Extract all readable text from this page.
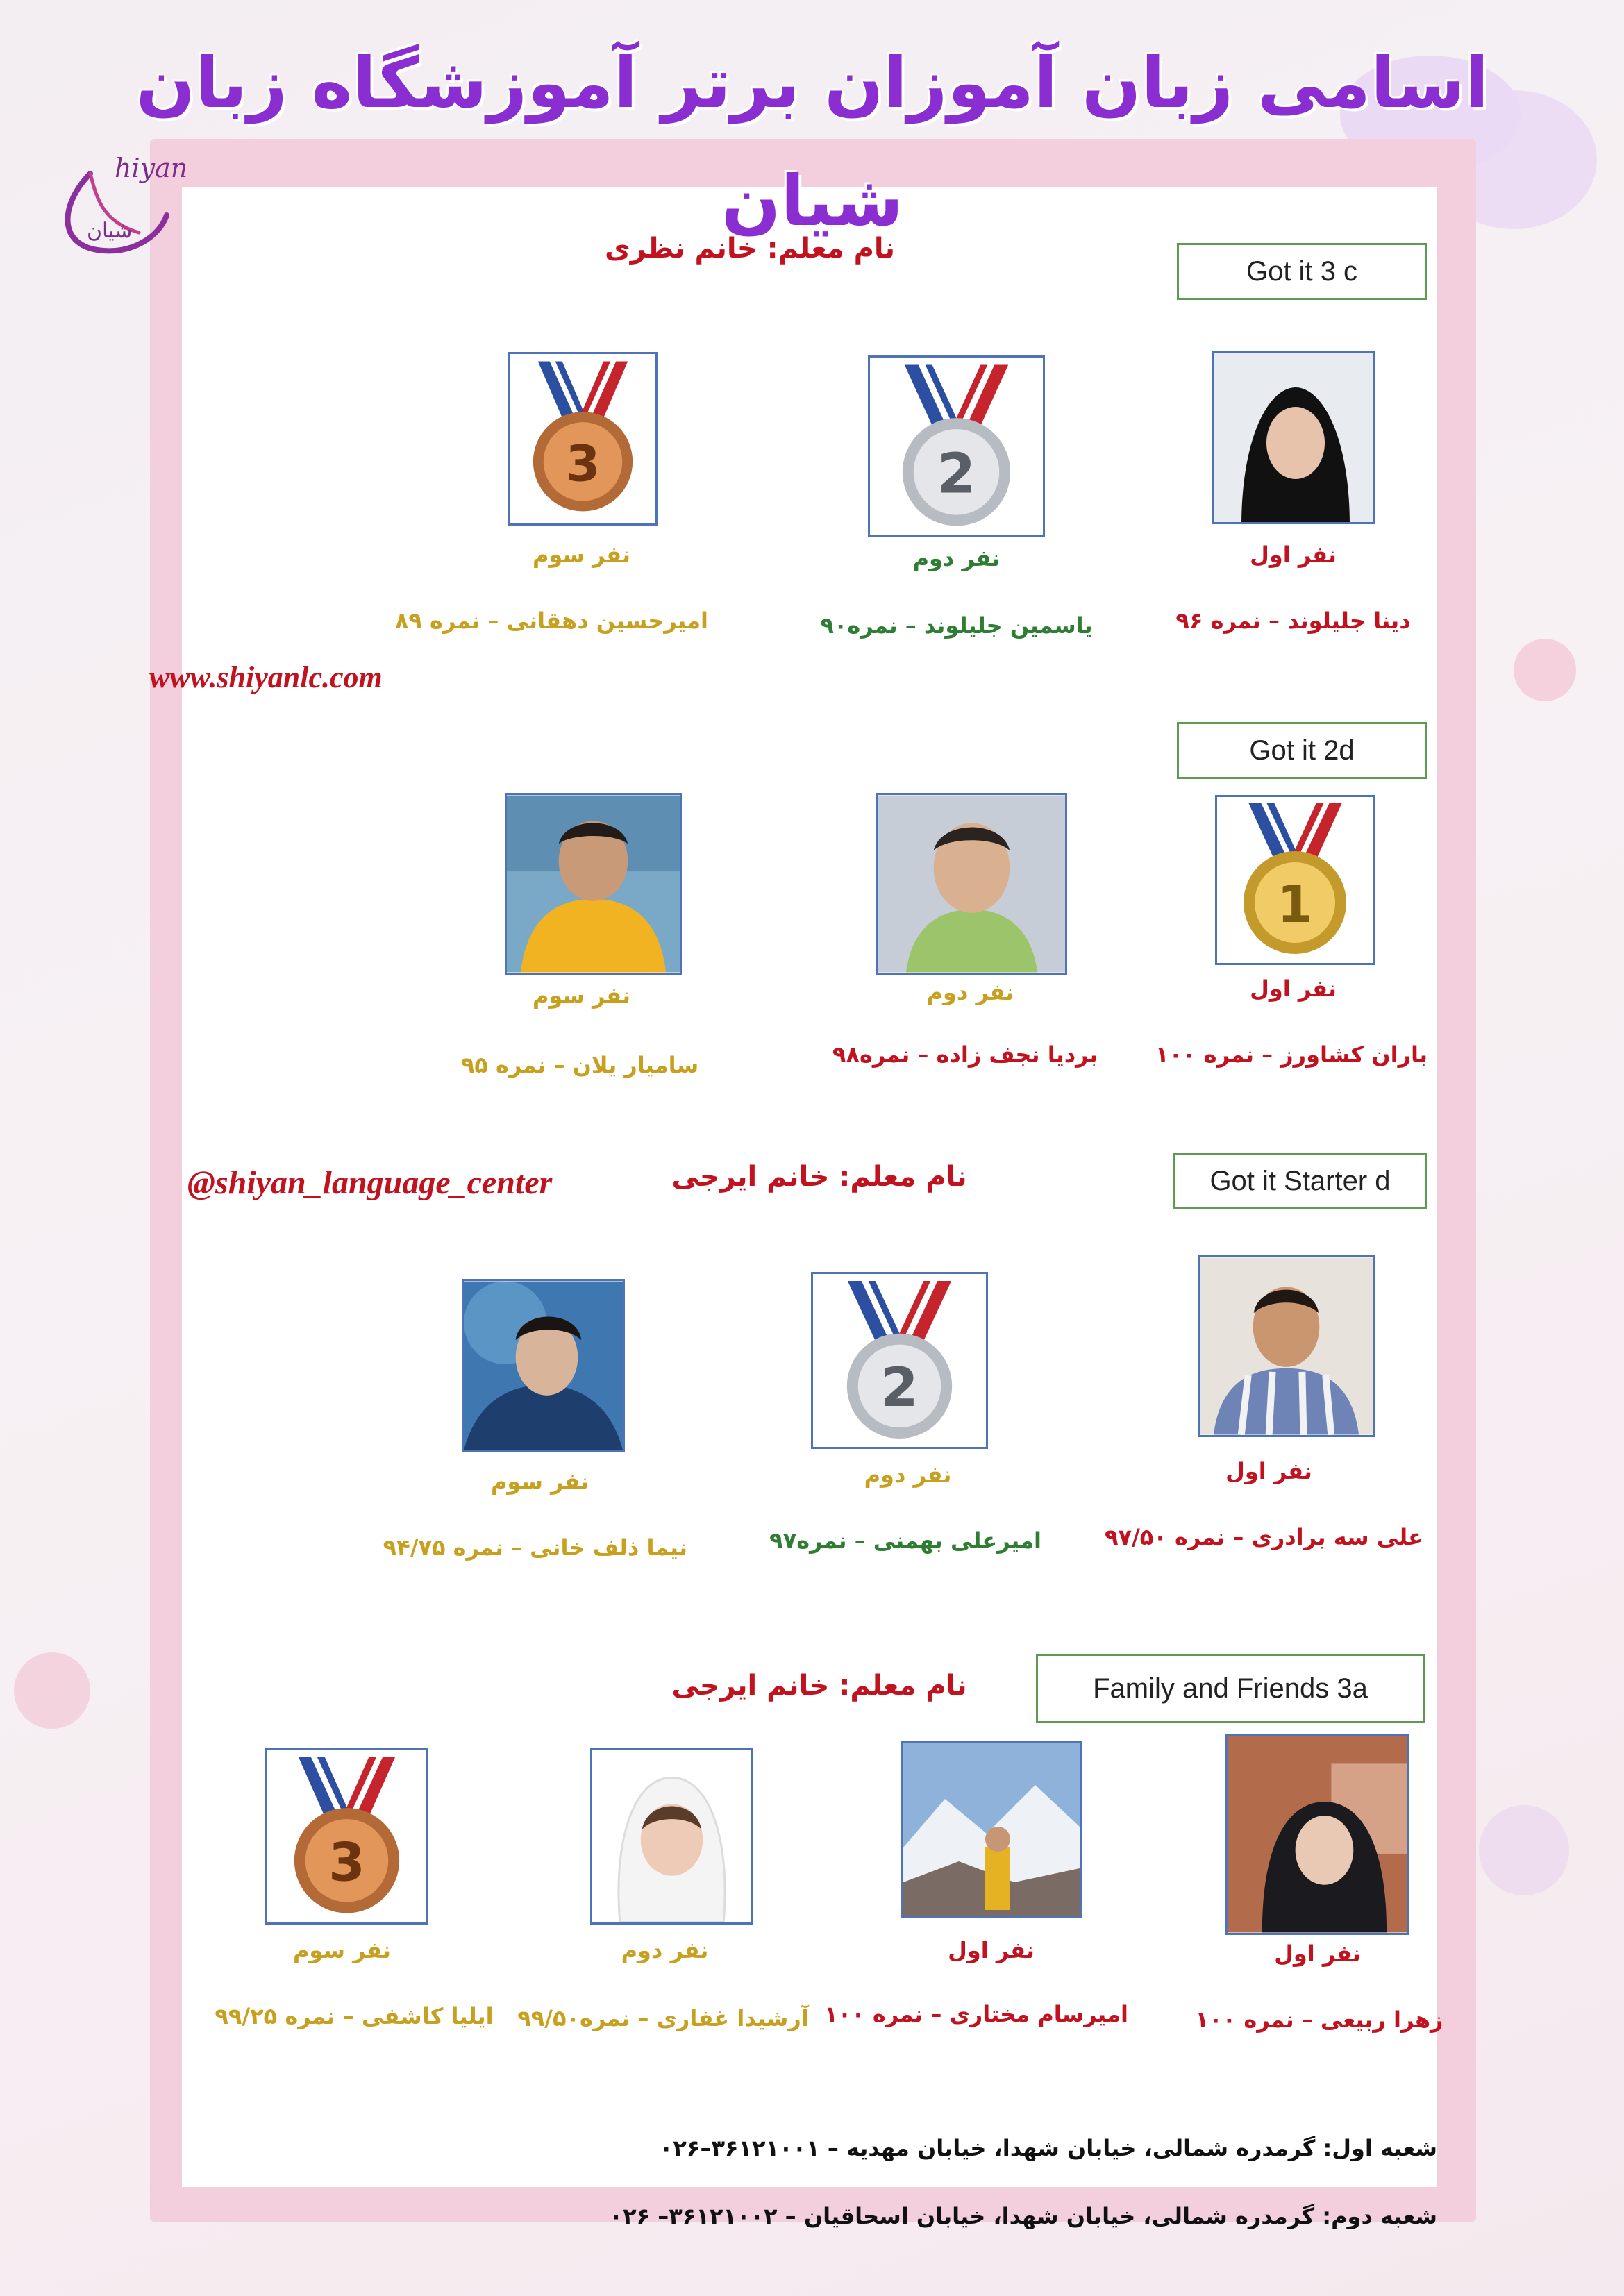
اسامی زبان آموزان برتر آموزشگاه زبان شیان
hiyan
شیان
www.shiyanlc.com
@shiyan_language_center
Got it 3 c
نام معلم: خانم نظری
نفر اول
دینا جلیلوند – نمره ۹۶
2
نفر دوم
یاسمین جلیلوند – نمره۹۰
3
نفر سوم
امیرحسین دهقانی – نمره ۸۹
Got it 2d
1
نفر اول
باران کشاورز – نمره ۱۰۰
نفر دوم
بردیا نجف زاده – نمره۹۸
نفر سوم
سامیار یلان – نمره ۹۵
Got it Starter d
نام معلم: خانم ایرجی
نفر اول
علی سه برادری – نمره ۹۷/۵۰
2
نفر دوم
امیرعلی بهمنی – نمره۹۷
نفر سوم
نیما ذلف خانی – نمره ۹۴/۷۵
Family and Friends 3a
نام معلم: خانم ایرجی
نفر اول
زهرا ربیعی – نمره ۱۰۰
نفر اول
امیرسام مختاری – نمره ۱۰۰
نفر دوم
آرشیدا غفاری – نمره۹۹/۵۰
3
نفر سوم
ایلیا کاشفی – نمره ۹۹/۲۵
شعبه اول: گرمدره شمالی، خیابان شهدا، خیابان مهدیه – ۳۶۱۲۱۰۰۱–۰۲۶
شعبه دوم: گرمدره شمالی، خیابان شهدا، خیابان اسحاقیان – ۳۶۱۲۱۰۰۲– ۰۲۶
